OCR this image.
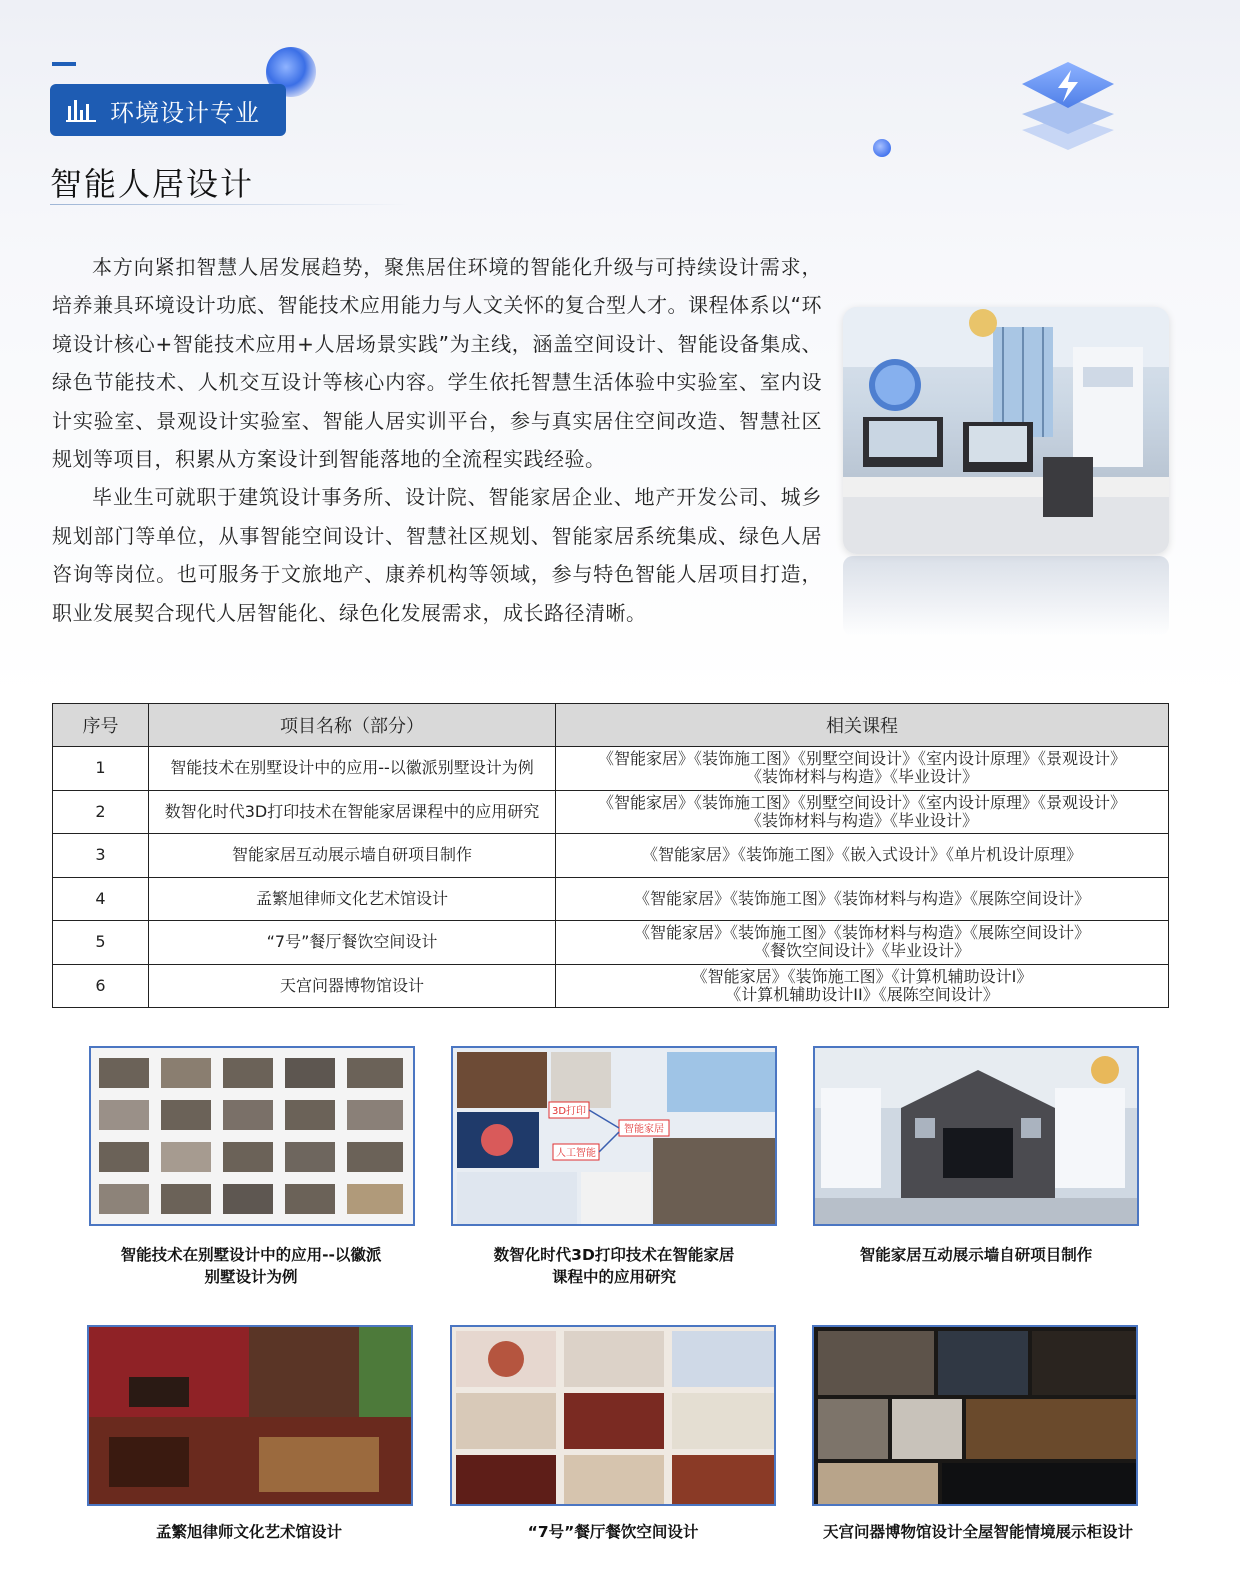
环境设计专业
智能人居设计

本方向紧扣智慧人居发展趋势，聚焦居住环境的智能化升级与可持续设计需求，培养兼具环境设计功底、智能技术应用能力与人文关怀的复合型人才。课程体系以“环境设计核心+智能技术应用+人居场景实践”为主线，涵盖空间设计、智能设备集成、绿色节能技术、人机交互设计等核心内容。学生依托智慧生活体验中实验室、室内设计实验室、景观设计实验室、智能人居实训平台，参与真实居住空间改造、智慧社区规划等项目，积累从方案设计到智能落地的全流程实践经验。

毕业生可就职于建筑设计事务所、设计院、智能家居企业、地产开发公司、城乡规划部门等单位，从事智能空间设计、智慧社区规划、智能家居系统集成、绿色人居咨询等岗位。也可服务于文旅地产、康养机构等领域，参与特色智能人居项目打造，职业发展契合现代人居智能化、绿色化发展需求，成长路径清晰。

序号	项目名称（部分）	相关课程
1	智能技术在别墅设计中的应用--以徽派别墅设计为例	《智能家居》《装饰施工图》《别墅空间设计》《室内设计原理》《景观设计》
《装饰材料与构造》《毕业设计》

2	数智化时代3D打印技术在智能家居课程中的应用研究	《智能家居》《装饰施工图》《别墅空间设计》《室内设计原理》《景观设计》
《装饰材料与构造》《毕业设计》

3	智能家居互动展示墙自研项目制作	《智能家居》《装饰施工图》《嵌入式设计》《单片机设计原理》

4	孟繁旭律师文化艺术馆设计	《智能家居》《装饰施工图》《装饰材料与构造》《展陈空间设计》

5	“7号”餐厅餐饮空间设计	《智能家居》《装饰施工图》《装饰材料与构造》《展陈空间设计》
《餐饮空间设计》《毕业设计》

6	天宫问器博物馆设计	《智能家居》《装饰施工图》《计算机辅助设计I》
《计算机辅助设计II》《展陈空间设计》
3D打印
智能家居
人工智能
智能技术在别墅设计中的应用--以徽派
别墅设计为例
数智化时代3D打印技术在智能家居
课程中的应用研究
智能家居互动展示墙自研项目制作
孟繁旭律师文化艺术馆设计	“7号”餐厅餐饮空间设计	天宫问器博物馆设计全屋智能情境展示柜设计
